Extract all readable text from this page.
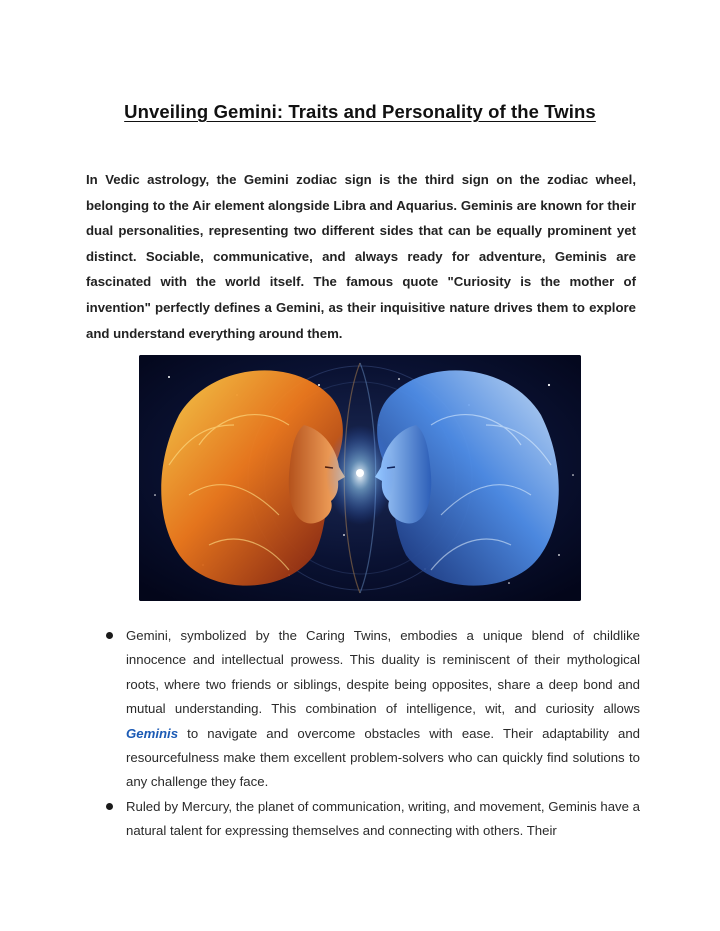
Unveiling Gemini: Traits and Personality of the Twins

In Vedic astrology, the Gemini zodiac sign is the third sign on the zodiac wheel, belonging to the Air element alongside Libra and Aquarius. Geminis are known for their dual personalities, representing two different sides that can be equally prominent yet distinct. Sociable, communicative, and always ready for adventure, Geminis are fascinated with the world itself. The famous quote "Curiosity is the mother of invention" perfectly defines a Gemini, as their inquisitive nature drives them to explore and understand everything around them.

Gemini, symbolized by the Caring Twins, embodies a unique blend of childlike innocence and intellectual prowess. This duality is reminiscent of their mythological roots, where two friends or siblings, despite being opposites, share a deep bond and mutual understanding. This combination of intelligence, wit, and curiosity allows Geminis to navigate and overcome obstacles with ease. Their adaptability and resourcefulness make them excellent problem-solvers who can quickly find solutions to any challenge they face.
Ruled by Mercury, the planet of communication, writing, and movement, Geminis have a natural talent for expressing themselves and connecting with others. Their
